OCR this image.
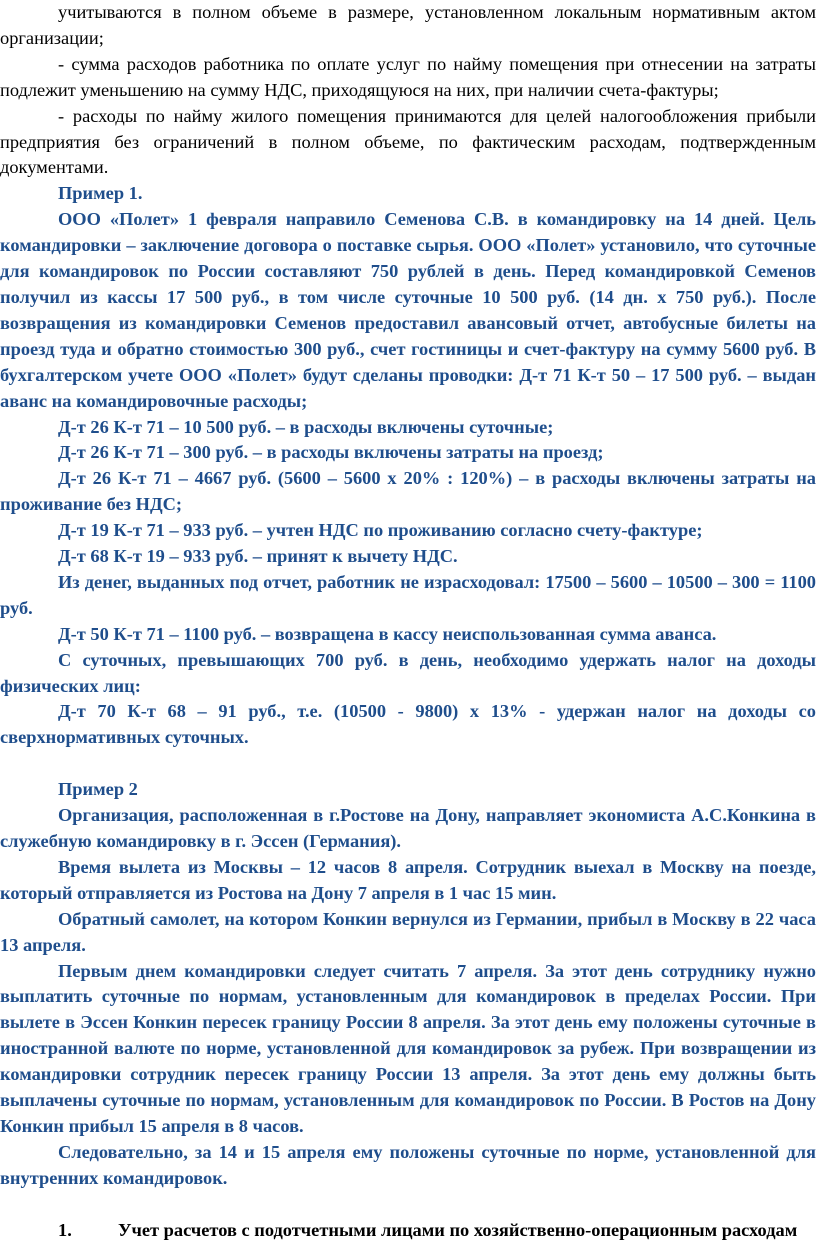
учитываются в полном объеме в размере, установленном локальным нормативным актом организации;

- сумма расходов работника по оплате услуг по найму помещения при отнесении на затраты подлежит уменьшению на сумму НДС, приходящуюся на них, при наличии счета-фактуры;

- расходы по найму жилого помещения принимаются для целей налогообложения прибыли предприятия без ограничений в полном объеме, по фактическим расходам, подтвержденным документами.

Пример 1.

ООО «Полет» 1 февраля направило Семенова С.В. в командировку на 14 дней. Цель командировки – заключение договора о поставке сырья. ООО «Полет» установило, что суточные для командировок по России составляют 750 рублей в день. Перед командировкой Семенов получил из кассы 17 500 руб., в том числе суточные 10 500 руб. (14 дн. х 750 руб.). После возвращения из командировки Семенов предоставил авансовый отчет, автобусные билеты на проезд туда и обратно стоимостью 300 руб., счет гостиницы и счет-фактуру на сумму 5600 руб. В бухгалтерском учете ООО «Полет» будут сделаны проводки: Д-т 71 К-т 50 – 17 500 руб. – выдан аванс на командировочные расходы;

Д-т 26 К-т 71 – 10 500 руб. – в расходы включены суточные;

Д-т 26 К-т 71 – 300 руб. – в расходы включены затраты на проезд;

Д-т 26 К-т 71 – 4667 руб. (5600 – 5600 х 20% : 120%) – в расходы включены затраты на проживание без НДС;

Д-т 19 К-т 71 – 933 руб. – учтен НДС по проживанию согласно счету-фактуре;

Д-т 68 К-т 19 – 933 руб. – принят к вычету НДС.

Из денег, выданных под отчет, работник не израсходовал: 17500 – 5600 – 10500 – 300 = 1100 руб.

Д-т 50 К-т 71 – 1100 руб. – возвращена в кассу неиспользованная сумма аванса.

С суточных, превышающих 700 руб. в день, необходимо удержать налог на доходы физических лиц:

Д-т 70 К-т 68 – 91 руб., т.е. (10500 - 9800) х 13% - удержан налог на доходы со сверхнормативных суточных.

Пример 2

Организация, расположенная в г.Ростове на Дону, направляет экономиста А.С.Конкина в служебную командировку в г. Эссен (Германия).

Время вылета из Москвы – 12 часов 8 апреля. Сотрудник выехал в Москву на поезде, который отправляется из Ростова на Дону 7 апреля в 1 час 15 мин.

Обратный самолет, на котором Конкин вернулся из Германии, прибыл в Москву в 22 часа 13 апреля.

Первым днем командировки следует считать 7 апреля. За этот день сотруднику нужно выплатить суточные по нормам, установленным для командировок в пределах России. При вылете в Эссен Конкин пересек границу России 8 апреля. За этот день ему положены суточные в иностранной валюте по норме, установленной для командировок за рубеж. При возвращении из командировки сотрудник пересек границу России 13 апреля. За этот день ему должны быть выплачены суточные по нормам, установленным для командировок по России. В Ростов на Дону Конкин прибыл 15 апреля в 8 часов.

Следовательно, за 14 и 15 апреля ему положены суточные по норме, установленной для внутренних командировок.

1.	Учет расчетов с подотчетными лицами по хозяйственно-операционным расходам
